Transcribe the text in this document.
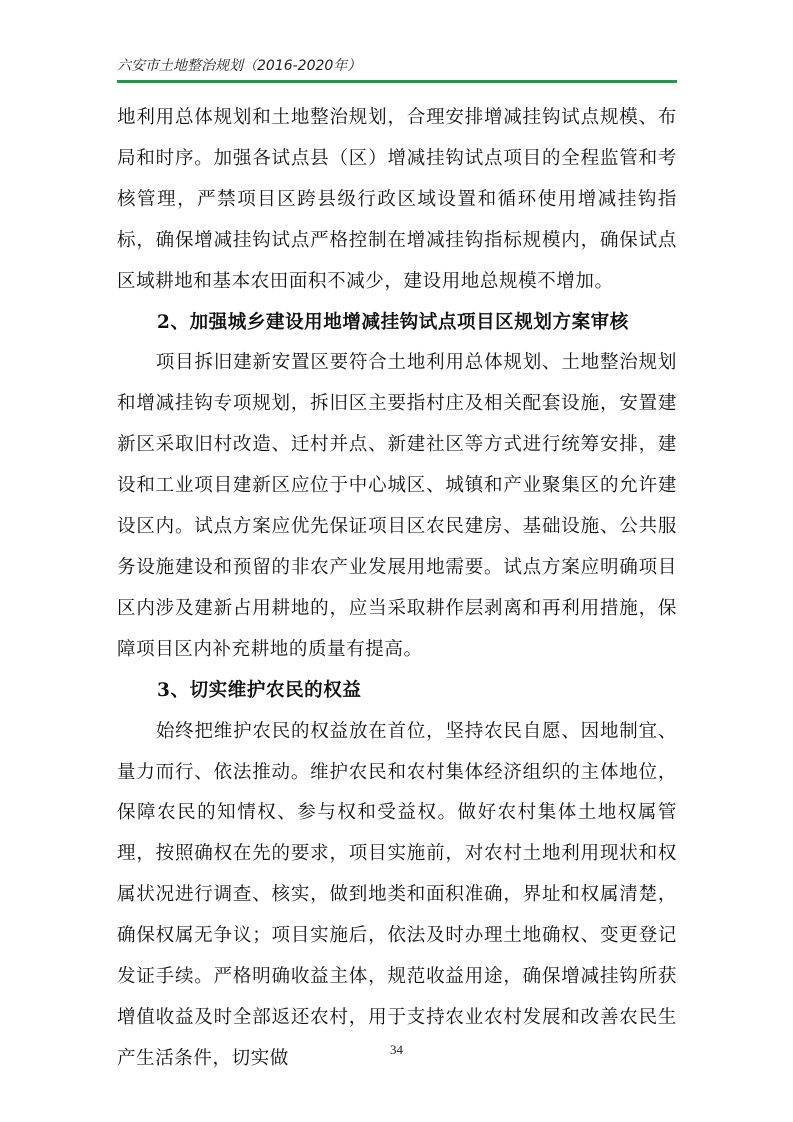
六安市土地整治规划（2016-2020年）

地利用总体规划和土地整治规划，合理安排增减挂钩试点规模、布局和时序。加强各试点县（区）增减挂钩试点项目的全程监管和考核管理，严禁项目区跨县级行政区域设置和循环使用增减挂钩指标，确保增减挂钩试点严格控制在增减挂钩指标规模内，确保试点区域耕地和基本农田面积不减少，建设用地总规模不增加。

2、加强城乡建设用地增减挂钩试点项目区规划方案审核

项目拆旧建新安置区要符合土地利用总体规划、土地整治规划和增减挂钩专项规划，拆旧区主要指村庄及相关配套设施，安置建新区采取旧村改造、迁村并点、新建社区等方式进行统筹安排，建设和工业项目建新区应位于中心城区、城镇和产业聚集区的允许建设区内。试点方案应优先保证项目区农民建房、基础设施、公共服务设施建设和预留的非农产业发展用地需要。试点方案应明确项目区内涉及建新占用耕地的，应当采取耕作层剥离和再利用措施，保障项目区内补充耕地的质量有提高。

3、切实维护农民的权益

始终把维护农民的权益放在首位，坚持农民自愿、因地制宜、量力而行、依法推动。维护农民和农村集体经济组织的主体地位，保障农民的知情权、参与权和受益权。做好农村集体土地权属管理，按照确权在先的要求，项目实施前，对农村土地利用现状和权属状况进行调查、核实，做到地类和面积准确，界址和权属清楚，确保权属无争议；项目实施后，依法及时办理土地确权、变更登记发证手续。严格明确收益主体，规范收益用途，确保增减挂钩所获增值收益及时全部返还农村，用于支持农业农村发展和改善农民生产生活条件，切实做	34
